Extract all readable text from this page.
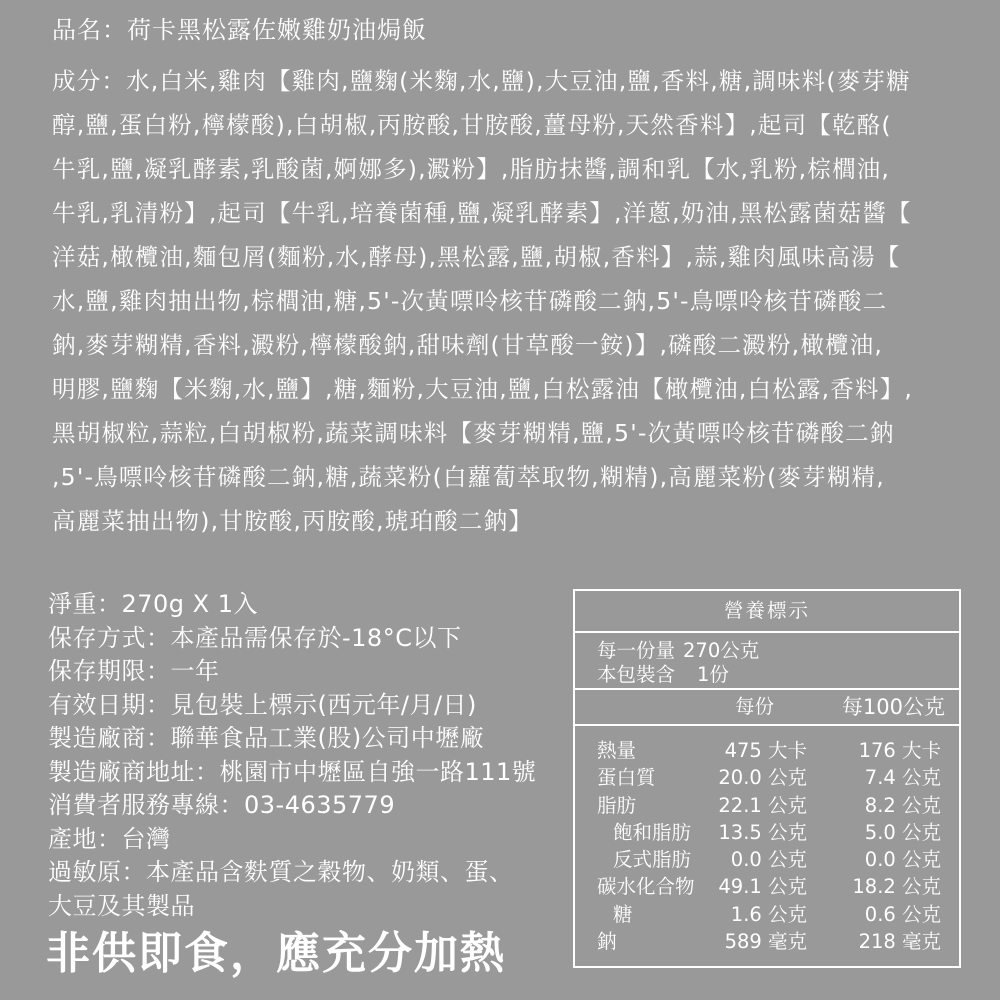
品名：荷卡黑松露佐嫩雞奶油焗飯
成分：水,白米,雞肉【雞肉,鹽麴(米麴,水,鹽),大豆油,鹽,香料,糖,調味料(麥芽糖
醇,鹽,蛋白粉,檸檬酸),白胡椒,丙胺酸,甘胺酸,薑母粉,天然香料】,起司【乾酪(
牛乳,鹽,凝乳酵素,乳酸菌,婀娜多),澱粉】,脂肪抹醬,調和乳【水,乳粉,棕櫚油,
牛乳,乳清粉】,起司【牛乳,培養菌種,鹽,凝乳酵素】,洋蔥,奶油,黑松露菌菇醬【
洋菇,橄欖油,麵包屑(麵粉,水,酵母),黑松露,鹽,胡椒,香料】,蒜,雞肉風味高湯【
水,鹽,雞肉抽出物,棕櫚油,糖,5'-次黃嘌呤核苷磷酸二鈉,5'-鳥嘌呤核苷磷酸二
鈉,麥芽糊精,香料,澱粉,檸檬酸鈉,甜味劑(甘草酸一銨)】,磷酸二澱粉,橄欖油,
明膠,鹽麴【米麴,水,鹽】,糖,麵粉,大豆油,鹽,白松露油【橄欖油,白松露,香料】,
黑胡椒粒,蒜粒,白胡椒粉,蔬菜調味料【麥芽糊精,鹽,5'-次黃嘌呤核苷磷酸二鈉
,5'-鳥嘌呤核苷磷酸二鈉,糖,蔬菜粉(白蘿蔔萃取物,糊精),高麗菜粉(麥芽糊精,
高麗菜抽出物),甘胺酸,丙胺酸,琥珀酸二鈉】
淨重：270g X 1入
保存方式：本產品需保存於-18°C以下
保存期限：一年
有效日期：見包裝上標示(西元年/月/日)
製造廠商：聯華食品工業(股)公司中壢廠
製造廠商地址：桃園市中壢區自強一路111號
消費者服務專線：03-4635779
產地：台灣
過敏原：本產品含麩質之穀物、奶類、蛋、
大豆及其製品
非供即食，應充分加熱
營養標示
每一份量 270公克
本包裝含 1份
每份	每100公克
熱量	475 大卡	176 大卡
蛋白質	20.0 公克	7.4 公克
脂肪	22.1 公克	8.2 公克
飽和脂肪 13.5 公克	5.0 公克
反式脂肪 0.0 公克	0.0 公克
碳水化合物 49.1 公克 18.2 公克
糖	1.6 公克	0.6 公克
鈉	589 毫克	218 毫克
